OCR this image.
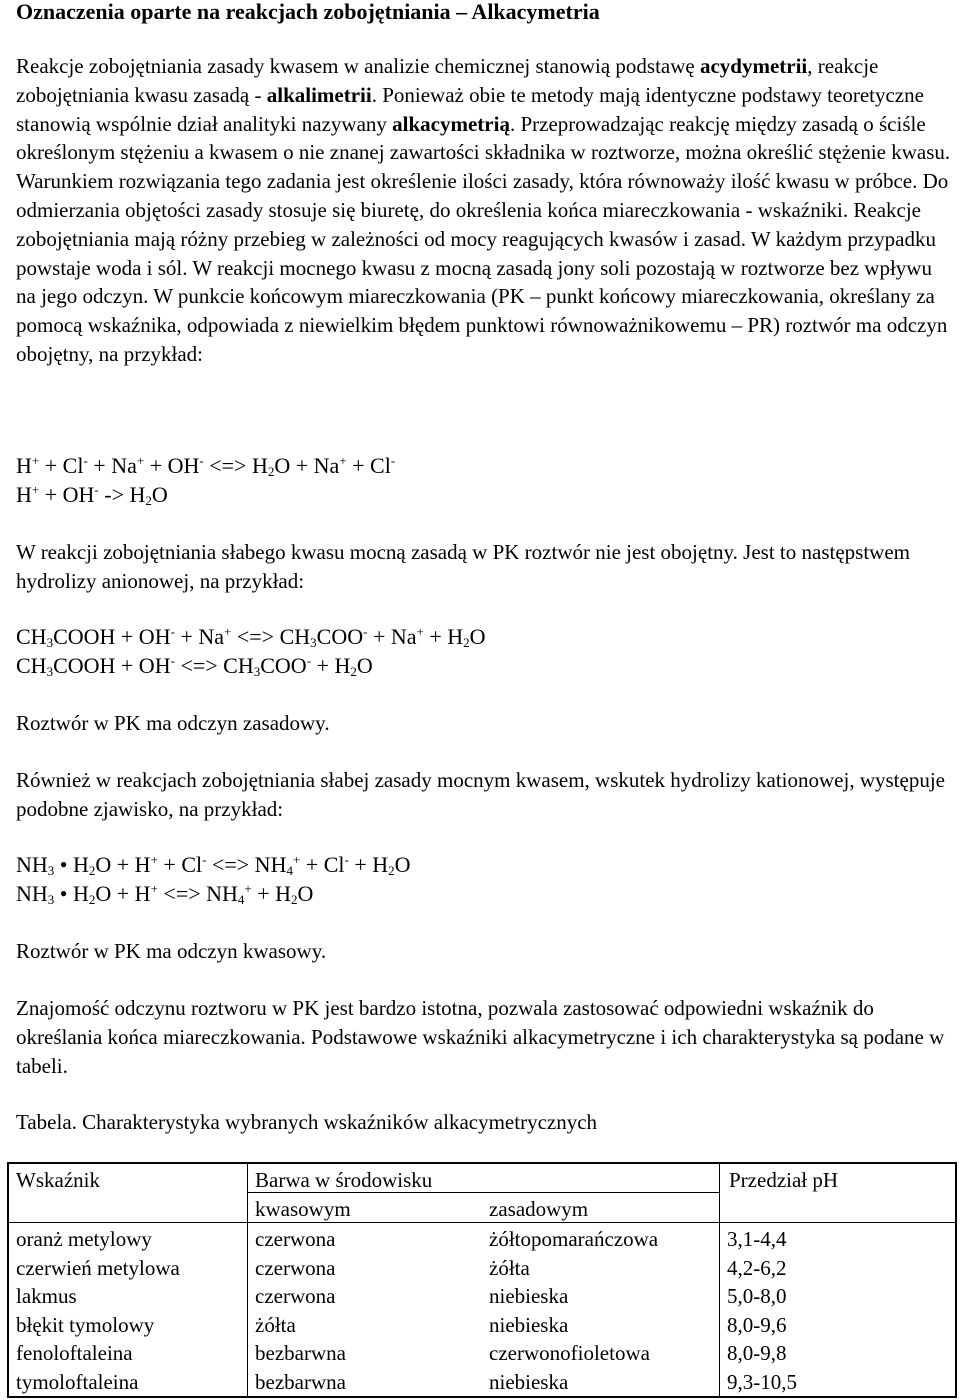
Oznaczenia oparte na reakcjach zobojętniania – Alkacymetria

Reakcje zobojętniania zasady kwasem w analizie chemicznej stanowią podstawę acydymetrii, reakcje zobojętniania kwasu zasadą - alkalimetrii. Ponieważ obie te metody mają identyczne podstawy teoretyczne stanowią wspólnie dział analityki nazywany alkacymetrią. Przeprowadzając reakcję między zasadą o ściśle określonym stężeniu a kwasem o nie znanej zawartości składnika w roztworze, można określić stężenie kwasu. Warunkiem rozwiązania tego zadania jest określenie ilości zasady, która równoważy ilość kwasu w próbce. Do odmierzania objętości zasady stosuje się biuretę, do określenia końca miareczkowania - wskaźniki. Reakcje zobojętniania mają różny przebieg w zależności od mocy reagujących kwasów i zasad. W każdym przypadku powstaje woda i sól. W reakcji mocnego kwasu z mocną zasadą jony soli pozostają w roztworze bez wpływu na jego odczyn. W punkcie końcowym miareczkowania (PK – punkt końcowy miareczkowania, określany za pomocą wskaźnika, odpowiada z niewielkim błędem punktowi równoważnikowemu – PR) roztwór ma odczyn obojętny, na przykład:

H+ + Cl- + Na+ + OH- <=> $H_2O + Na^+ + Cl^-$
$H^+ + OH^- -> H_2O$

W reakcji zobojętniania słabego kwasu mocną zasadą w PK roztwór nie jest obojętny. Jest to następstwem hydrolizy anionowej, na przykład:

$CH_3COOH + OH^- + Na^+$ <=> $CH_3COO^- + Na^+ + H_2O$
$CH_3COOH + OH^-$ <=> $CH_3COO^- + H_2O$

Roztwór w PK ma odczyn zasadowy.

Również w reakcjach zobojętniania słabej zasady mocnym kwasem, wskutek hydrolizy kationowej, występuje podobne zjawisko, na przykład:

$NH_3$ • $H_2O + H^+ + Cl^-$ <=> $NH_4^+ + Cl^- + H_2O$
$NH_3$ • $H_2O + H^+$ <=> $NH_4^+ + H_2O$

Roztwór w PK ma odczyn kwasowy.

Znajomość odczynu roztworu w PK jest bardzo istotna, pozwala zastosować odpowiedni wskaźnik do określania końca miareczkowania. Podstawowe wskaźniki alkacymetryczne i ich charakterystyka są podane w tabeli.

Tabela. Charakterystyka wybranych wskaźników alkacymetrycznych

Wskaźnik	Barwa w środowisku	Przedział pH
kwasowym	zasadowym
oranż metylowy	czerwona	żółtopomarańczowa	3,1-4,4
czerwień metylowa	czerwona	żółta	4,2-6,2
lakmus	czerwona	niebieska	5,0-8,0
błękit tymolowy	żółta	niebieska	8,0-9,6
fenoloftaleina	bezbarwna	czerwonofioletowa	8,0-9,8
tymoloftaleina	bezbarwna	niebieska	9,3-10,5
